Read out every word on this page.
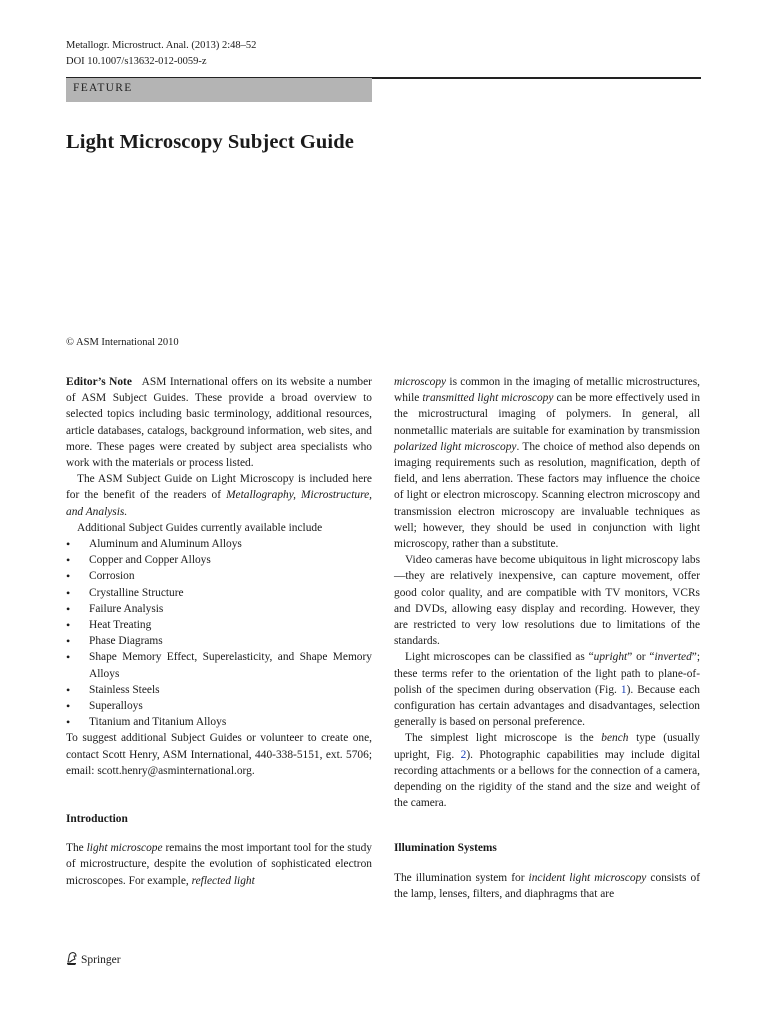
Metallogr. Microstruct. Anal. (2013) 2:48–52
DOI 10.1007/s13632-012-0059-z
FEATURE
Light Microscopy Subject Guide
© ASM International 2010

Editor’s Note ASM International offers on its website a number of ASM Subject Guides. These provide a broad overview to selected topics including basic terminology, additional resources, article databases, catalogs, background information, web sites, and more. These pages were created by subject area specialists who work with the materials or process listed.

The ASM Subject Guide on Light Microscopy is included here for the benefit of the readers of Metallography, Microstructure, and Analysis.

Additional Subject Guides currently available include

• Aluminum and Aluminum Alloys
• Copper and Copper Alloys
• Corrosion
• Crystalline Structure
• Failure Analysis
• Heat Treating
• Phase Diagrams
• Shape Memory Effect, Superelasticity, and Shape Memory Alloys
• Stainless Steels
• Superalloys
• Titanium and Titanium Alloys

To suggest additional Subject Guides or volunteer to create one, contact Scott Henry, ASM International, 440-338-5151, ext. 5706; email: scott.henry@asminternational.org.

Introduction

The light microscope remains the most important tool for the study of microstructure, despite the evolution of sophisticated electron microscopes. For example, reflected light

microscopy is common in the imaging of metallic microstructures, while transmitted light microscopy can be more effectively used in the microstructural imaging of polymers. In general, all nonmetallic materials are suitable for examination by transmission polarized light microscopy. The choice of method also depends on imaging requirements such as resolution, magnification, depth of field, and lens aberration. These factors may influence the choice of light or electron microscopy. Scanning electron microscopy and transmission electron microscopy are invaluable techniques as well; however, they should be used in conjunction with light microscopy, rather than a substitute.

Video cameras have become ubiquitous in light microscopy labs—they are relatively inexpensive, can capture movement, offer good color quality, and are compatible with TV monitors, VCRs and DVDs, allowing easy display and recording. However, they are restricted to very low resolutions due to limitations of the standards.

Light microscopes can be classified as “upright” or “inverted”; these terms refer to the orientation of the light path to plane-of-polish of the specimen during observation (Fig. 1). Because each configuration has certain advantages and disadvantages, selection generally is based on personal preference.

The simplest light microscope is the bench type (usually upright, Fig. 2). Photographic capabilities may include digital recording attachments or a bellows for the connection of a camera, depending on the rigidity of the stand and the size and weight of the camera.

Illumination Systems

The illumination system for incident light microscopy consists of the lamp, lenses, filters, and diaphragms that are

Springer
